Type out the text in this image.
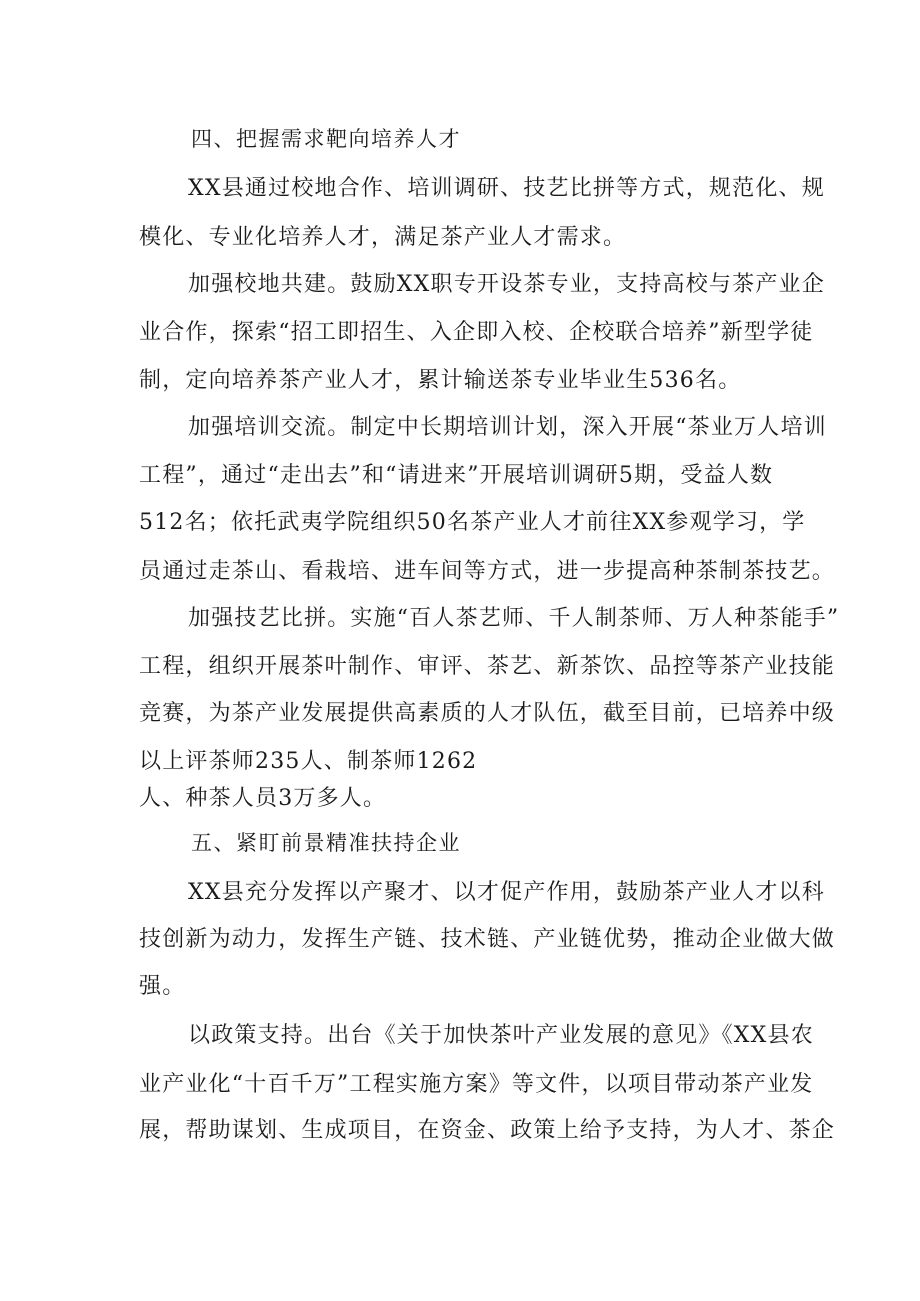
四、把握需求靶向培养人才
XX县通过校地合作、培训调研、技艺比拼等方式，规范化、规
模化、专业化培养人才，满足茶产业人才需求。
加强校地共建。鼓励XX职专开设茶专业，支持高校与茶产业企
业合作，探索“招工即招生、入企即入校、企校联合培养”新型学徒
制，定向培养茶产业人才，累计输送茶专业毕业生536名。
加强培训交流。制定中长期培训计划，深入开展“茶业万人培训
工程”，通过“走出去”和“请进来”开展培训调研5期，受益人数
512名；依托武夷学院组织50名茶产业人才前往XX参观学习，学
员通过走茶山、看栽培、进车间等方式，进一步提高种茶制茶技艺。
加强技艺比拼。实施“百人茶艺师、千人制茶师、万人种茶能手”
工程，组织开展茶叶制作、审评、茶艺、新茶饮、品控等茶产业技能
竞赛，为茶产业发展提供高素质的人才队伍，截至目前，已培养中级
以上评茶师235人、制茶师1262
人、种茶人员3万多人。
五、紧盯前景精准扶持企业
XX县充分发挥以产聚才、以才促产作用，鼓励茶产业人才以科
技创新为动力，发挥生产链、技术链、产业链优势，推动企业做大做
强。
以政策支持。出台《关于加快茶叶产业发展的意见》《XX县农
业产业化“十百千万”工程实施方案》等文件，以项目带动茶产业发
展，帮助谋划、生成项目，在资金、政策上给予支持，为人才、茶企
